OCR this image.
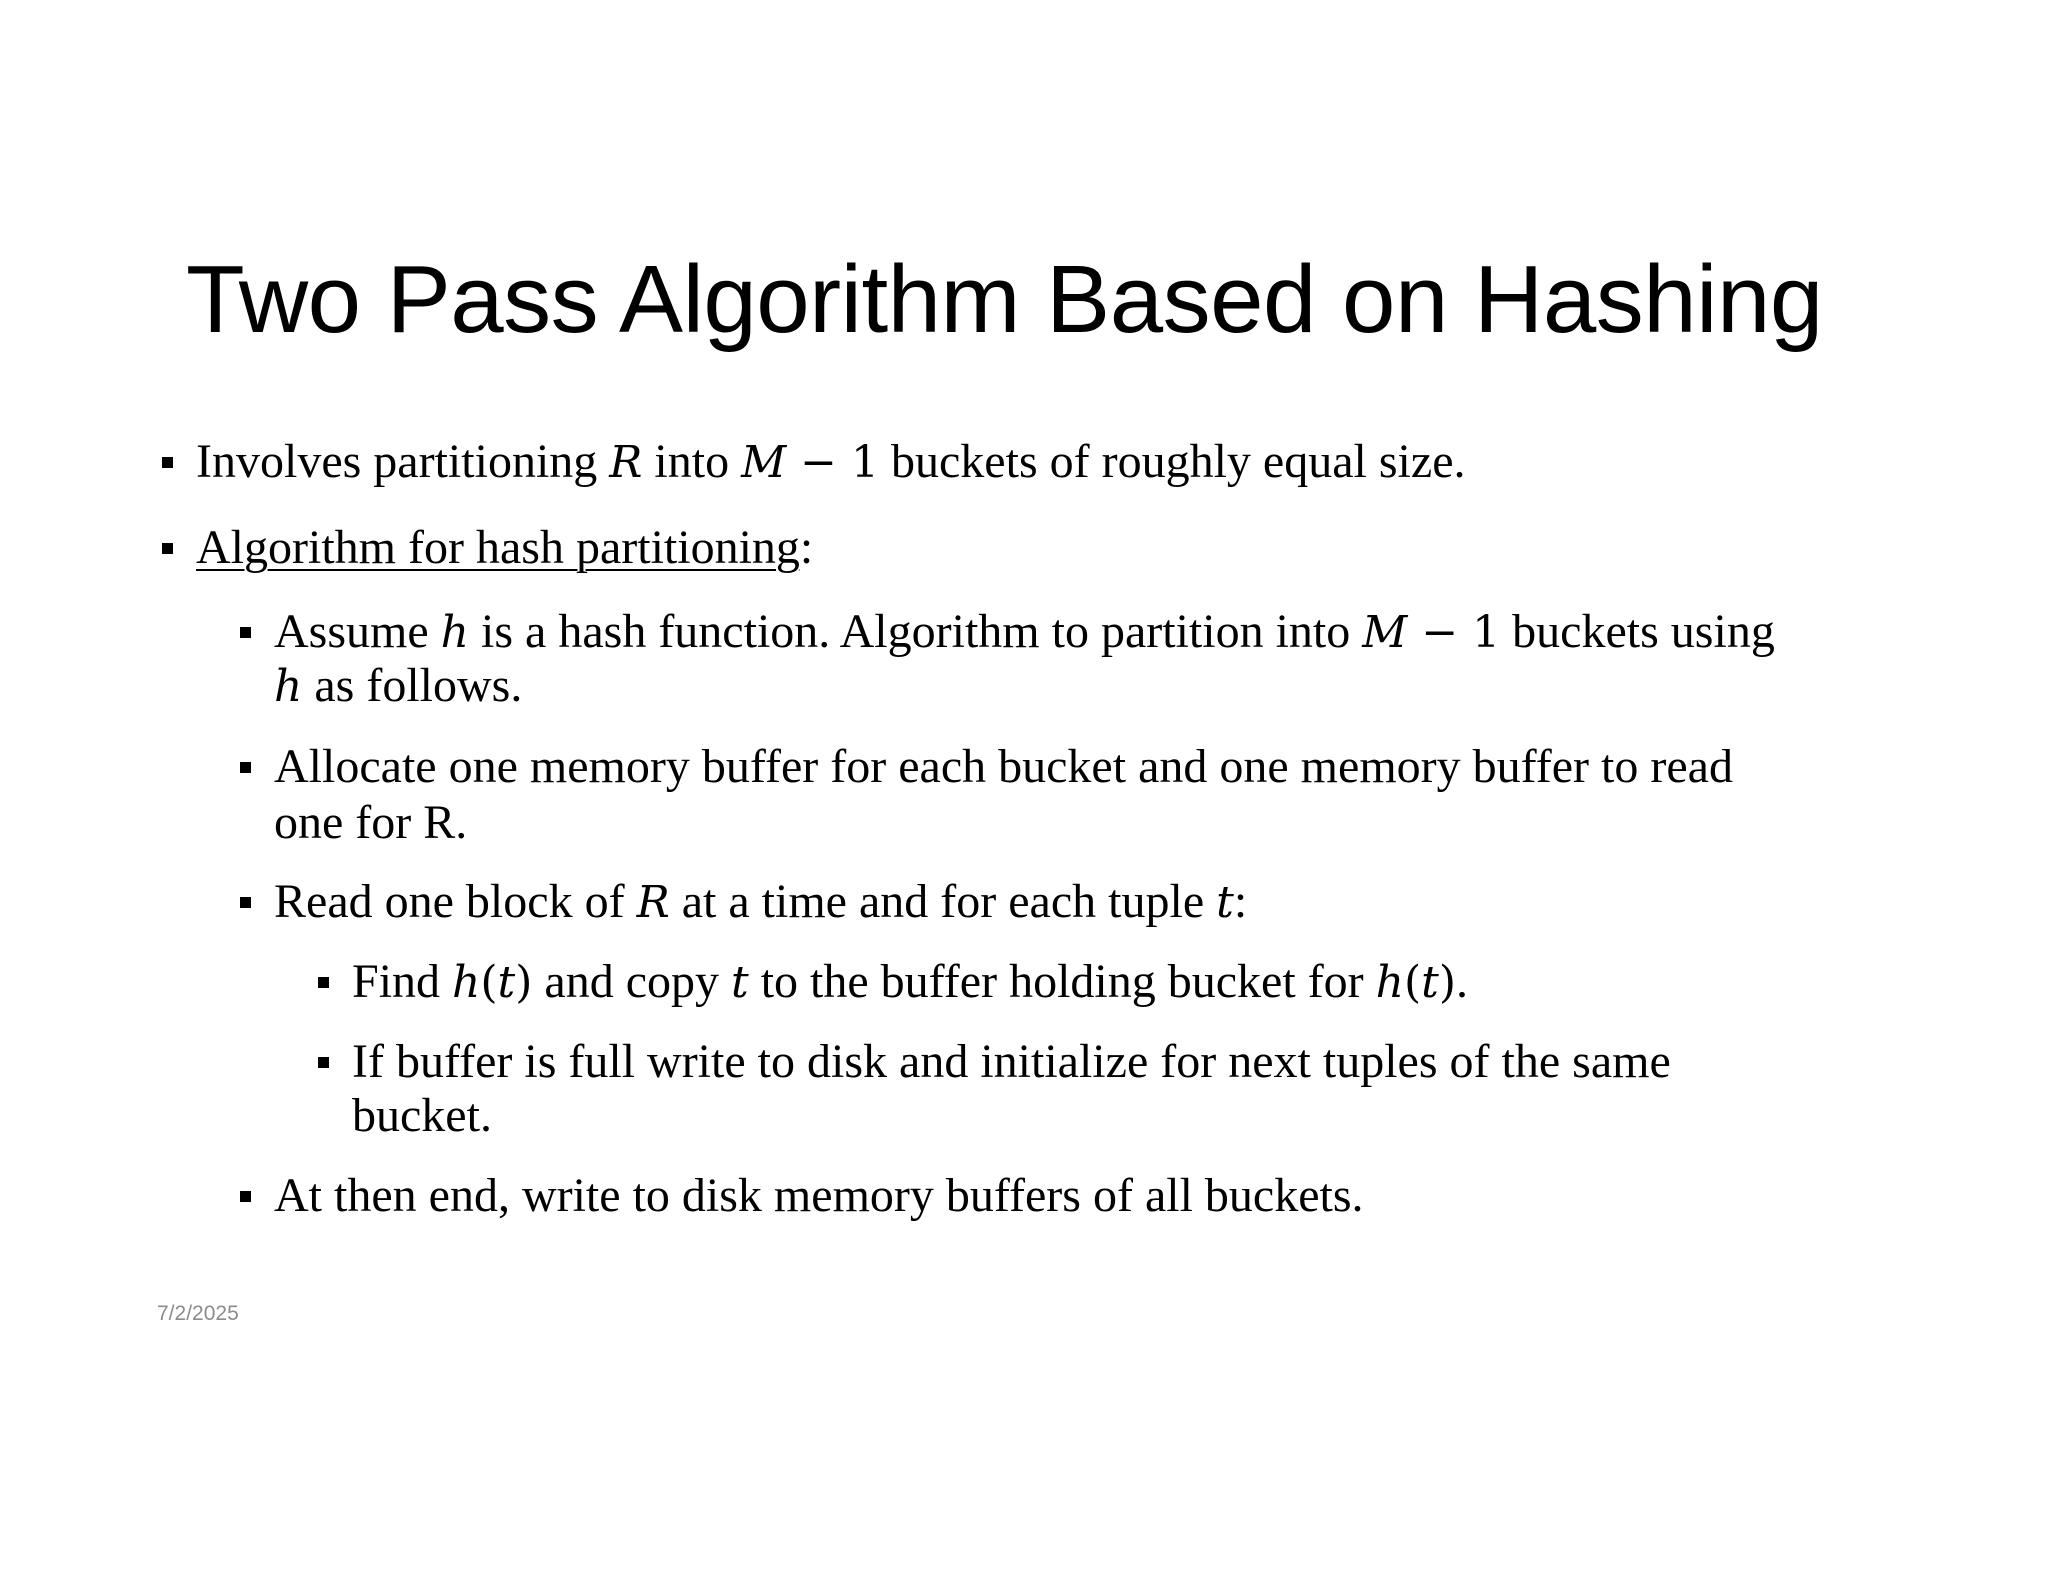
Two Pass Algorithm Based on Hashing
Involves partitioning R into M − 1 buckets of roughly equal size.
Algorithm for hash partitioning:
Assume h is a hash function. Algorithm to partition into M − 1 buckets using
h as follows.
Allocate one memory buffer for each bucket and one memory buffer to read
one for R.
Read one block of R at a time and for each tuple t:
Find h(t) and copy t to the buffer holding bucket for h(t).
If buffer is full write to disk and initialize for next tuples of the same
bucket.
At then end, write to disk memory buffers of all buckets.
7/2/2025
